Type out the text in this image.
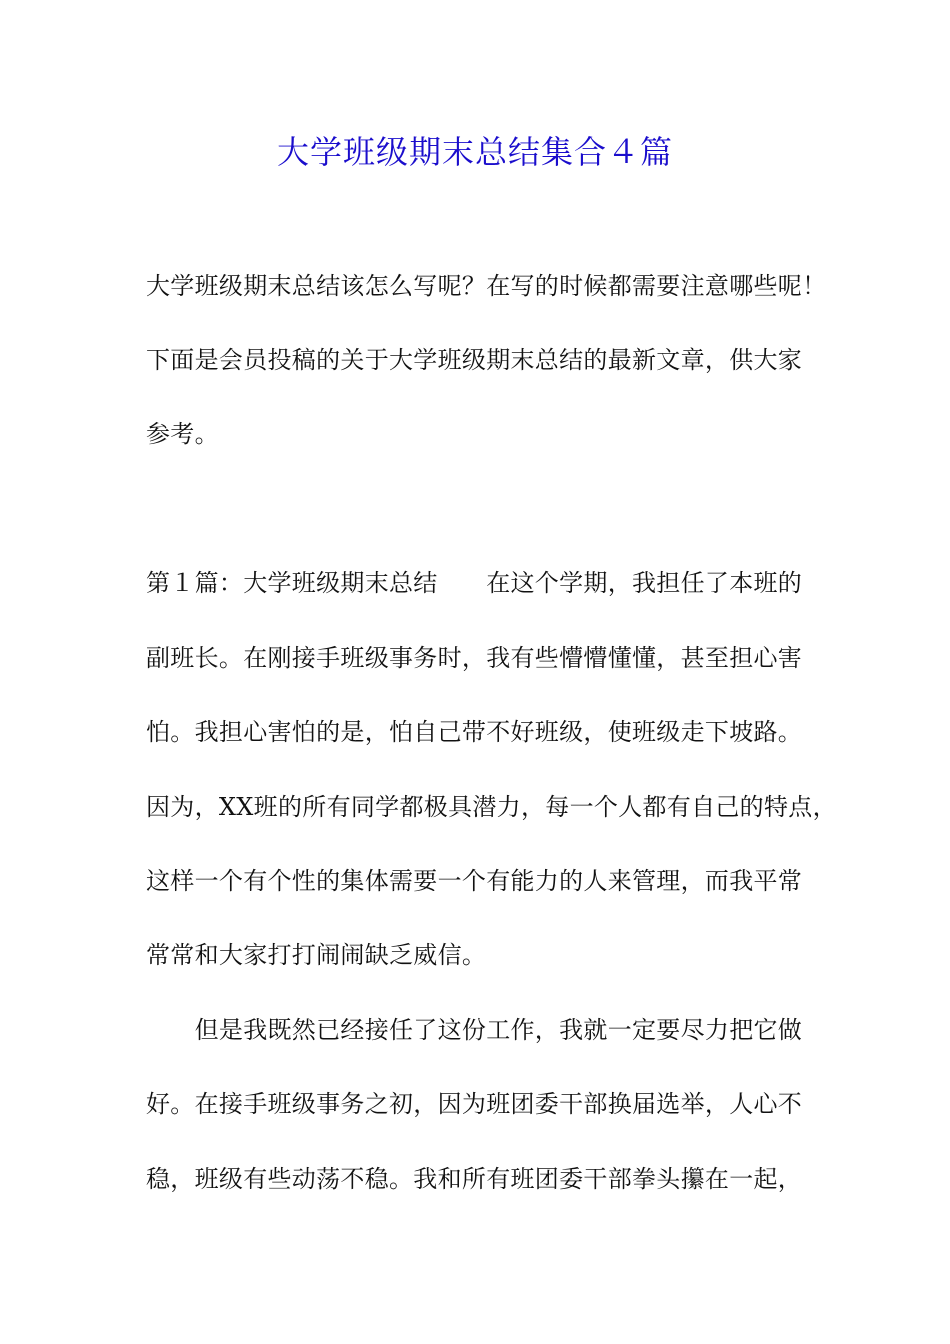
大学班级期末总结集合４篇
大学班级期末总结该怎么写呢？在写的时候都需要注意哪些呢！
下面是会员投稿的关于大学班级期末总结的最新文章，供大家
参考。
第１篇：大学班级期末总结　　在这个学期，我担任了本班的
副班长。在刚接手班级事务时，我有些懵懵懂懂，甚至担心害
怕。我担心害怕的是，怕自己带不好班级，使班级走下坡路。
因为，XX班的所有同学都极具潜力，每一个人都有自己的特点，
这样一个有个性的集体需要一个有能力的人来管理，而我平常
常常和大家打打闹闹缺乏威信。
　　但是我既然已经接任了这份工作，我就一定要尽力把它做
好。在接手班级事务之初，因为班团委干部换届选举，人心不
稳，班级有些动荡不稳。我和所有班团委干部拳头攥在一起，
